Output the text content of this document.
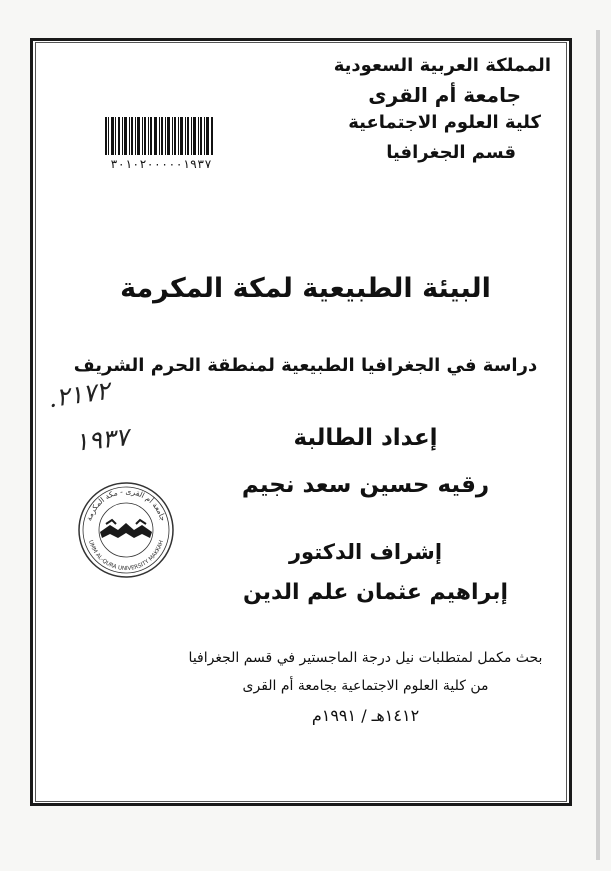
المملكة العربية السعودية
جامعة أم القرى
كلية العلوم الاجتماعية
قسم الجغرافيا
٣٠١٠٢٠٠٠٠٠١٩٣٧
البيئة الطبيعية لمكة المكرمة
دراسة في الجغرافيا الطبيعية لمنطقة الحرم الشريف
٢١٧٢.
١٩٣٧	إعداد الطالبة
رقيه حسين سعد نجيم
جامعة أم القرى - مكة المكرمة
UMM AL-QURA UNIVERSITY MAKKAH	إشراف الدكتور
إبراهيم عثمان علم الدين
بحث مكمل لمتطلبات نيل درجة الماجستير في قسم الجغرافيا
من كلية العلوم الاجتماعية بجامعة أم القرى
١٤١٢هـ / ١٩٩١م
